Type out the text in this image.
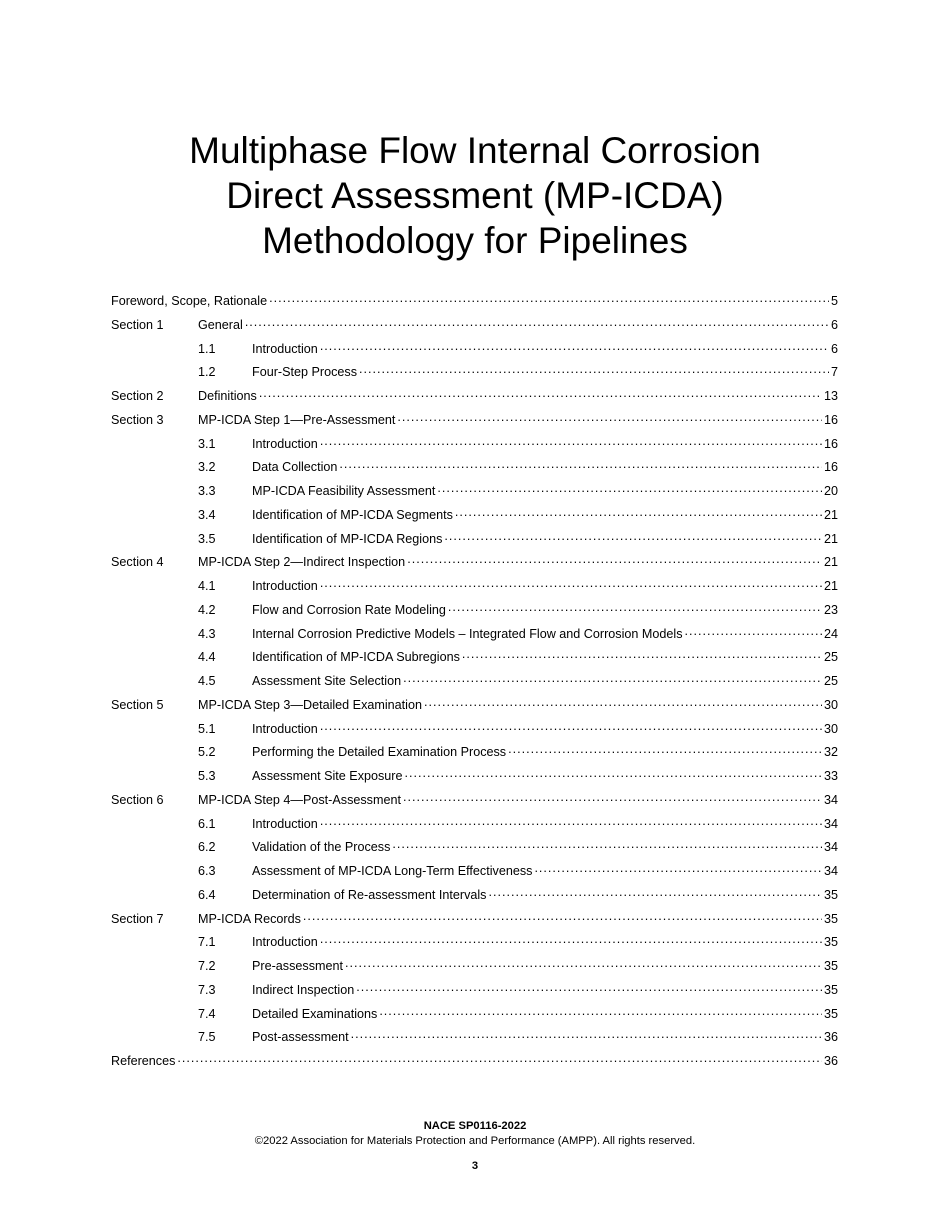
Multiphase Flow Internal Corrosion
Direct Assessment (MP-ICDA)
Methodology for Pipelines
Foreword, Scope, Rationale .....	5
Section 1	General .....	6
1.1	Introduction .....	6
1.2	Four-Step Process .....	7
Section 2	Definitions .....	13
Section 3	MP-ICDA Step 1—Pre-Assessment .....	16
3.1	Introduction .....	16
3.2	Data Collection .....	16
3.3	MP-ICDA Feasibility Assessment .....	20
3.4	Identification of MP-ICDA Segments .....	21
3.5	Identification of MP-ICDA Regions .....	21
Section 4	MP-ICDA Step 2—Indirect Inspection .....	21
4.1	Introduction .....	21
4.2	Flow and Corrosion Rate Modeling .....	23
4.3	Internal Corrosion Predictive Models – Integrated Flow and Corrosion Models .....	24
4.4	Identification of MP-ICDA Subregions .....	25
4.5	Assessment Site Selection .....	25
Section 5	MP-ICDA Step 3—Detailed Examination .....	30
5.1	Introduction .....	30
5.2	Performing the Detailed Examination Process .....	32
5.3	Assessment Site Exposure .....	33
Section 6	MP-ICDA Step 4—Post-Assessment .....	34
6.1	Introduction .....	34
6.2	Validation of the Process .....	34
6.3	Assessment of MP-ICDA Long-Term Effectiveness .....	34
6.4	Determination of Re-assessment Intervals .....	35
Section 7	MP-ICDA Records .....	35
7.1	Introduction .....	35
7.2	Pre-assessment .....	35
7.3	Indirect Inspection .....	35
7.4	Detailed Examinations .....	35
7.5	Post-assessment .....	36
References .....	36
NACE SP0116-2022
©2022 Association for Materials Protection and Performance (AMPP). All rights reserved.
3
